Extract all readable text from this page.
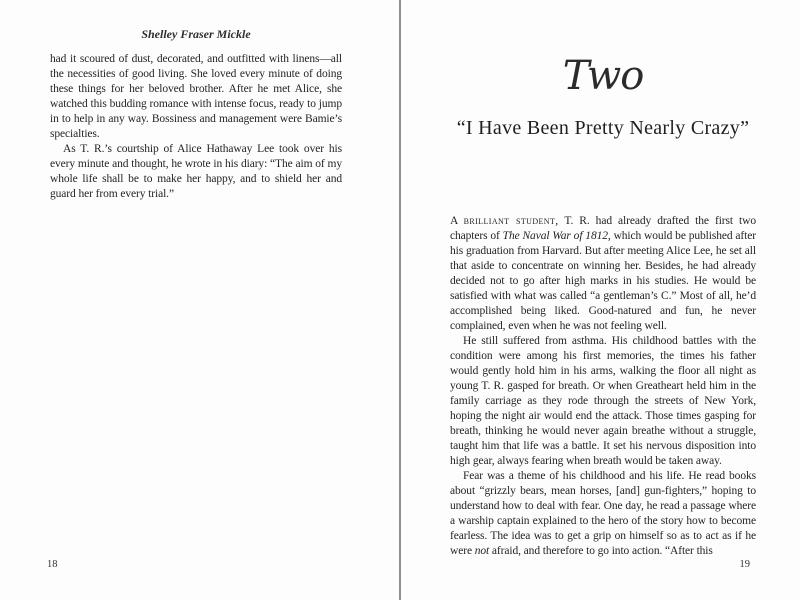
Shelley Fraser Mickle

had it scoured of dust, decorated, and outfitted with linens—all the necessities of good living. She loved every minute of doing these things for her beloved brother. After he met Alice, she watched this budding romance with intense focus, ready to jump in to help in any way. Bossiness and management were Bamie’s specialties.

As T. R.’s courtship of Alice Hathaway Lee took over his every minute and thought, he wrote in his diary: “The aim of my whole life shall be to make her happy, and to shield her and guard her from every trial.”

18
Two
“I Have Been Pretty Nearly Crazy”

A brilliant student, T. R. had already drafted the first two chapters of The Naval War of 1812, which would be published after his graduation from Harvard. But after meeting Alice Lee, he set all that aside to concentrate on winning her. Besides, he had already decided not to go after high marks in his studies. He would be satisfied with what was called “a gentleman’s C.” Most of all, he’d accomplished being liked. Good-natured and fun, he never complained, even when he was not feeling well.

He still suffered from asthma. His childhood battles with the condition were among his first memories, the times his father would gently hold him in his arms, walking the floor all night as young T. R. gasped for breath. Or when Greatheart held him in the family carriage as they rode through the streets of New York, hoping the night air would end the attack. Those times gasping for breath, thinking he would never again breathe without a struggle, taught him that life was a battle. It set his nervous disposition into high gear, always fearing when breath would be taken away.

Fear was a theme of his childhood and his life. He read books about “grizzly bears, mean horses, [and] gun-fighters,” hoping to understand how to deal with fear. One day, he read a passage where a warship captain explained to the hero of the story how to become fearless. The idea was to get a grip on himself so as to act as if he were not afraid, and therefore to go into action. “After this

19
